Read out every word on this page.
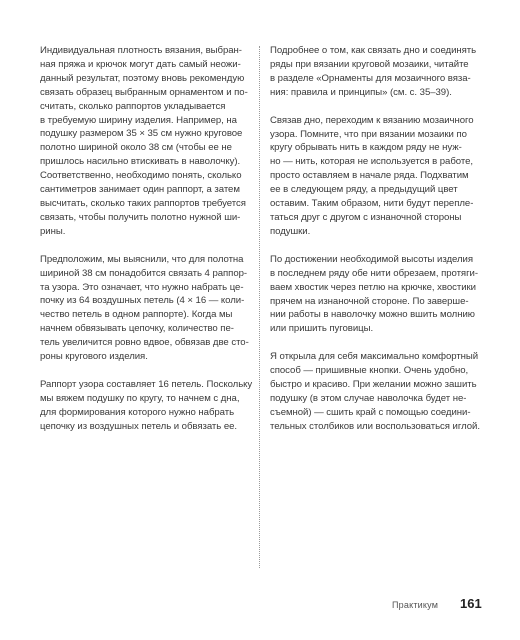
Индивидуальная плотность вязания, выбран-
ная пряжа и крючок могут дать самый неожи-
данный результат, поэтому вновь рекомендую
связать образец выбранным орнаментом и по-
считать, сколько раппортов укладывается
в требуемую ширину изделия. Например, на
подушку размером 35 × 35 см нужно круговое
полотно шириной около 38 см (чтобы ее не
пришлось насильно втискивать в наволочку).
Соответственно, необходимо понять, сколько
сантиметров занимает один раппорт, а затем
высчитать, сколько таких раппортов требуется
связать, чтобы получить полотно нужной ши-
рины.

Предположим, мы выяснили, что для полотна
шириной 38 см понадобится связать 4 раппор-
та узора. Это означает, что нужно набрать це-
почку из 64 воздушных петель (4 × 16 — коли-
чество петель в одном раппорте). Когда мы
начнем обвязывать цепочку, количество пе-
тель увеличится ровно вдвое, обвязав две сто-
роны кругового изделия.

Раппорт узора составляет 16 петель. Поскольку
мы вяжем подушку по кругу, то начнем с дна,
для формирования которого нужно набрать
цепочку из воздушных петель и обвязать ее.

Подробнее о том, как связать дно и соединять
ряды при вязании круговой мозаики, читайте
в разделе «Орнаменты для мозаичного вяза-
ния: правила и принципы» (см. с. 35–39).

Связав дно, переходим к вязанию мозаичного
узора. Помните, что при вязании мозаики по
кругу обрывать нить в каждом ряду не нуж-
но — нить, которая не используется в работе,
просто оставляем в начале ряда. Подхватим
ее в следующем ряду, а предыдущий цвет
оставим. Таким образом, нити будут перепле-
таться друг с другом с изнаночной стороны
подушки.

По достижении необходимой высоты изделия
в последнем ряду обе нити обрезаем, протяги-
ваем хвостик через петлю на крючке, хвостики
прячем на изнаночной стороне. По заверше-
нии работы в наволочку можно вшить молнию
или пришить пуговицы.

Я открыла для себя максимально комфортный
способ — пришивные кнопки. Очень удобно,
быстро и красиво. При желании можно зашить
подушку (в этом случае наволочка будет не-
съемной) — сшить край с помощью соедини-
тельных столбиков или воспользоваться иглой.

Практикум 161
